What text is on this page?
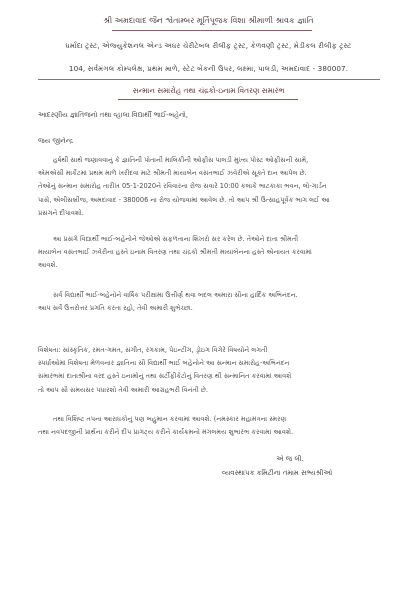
શ્રી અમદાવાદ જૈન શ્વેતામ્બર મૂર્તિપૂજક વિશા શ્રીમાળી શ્રાવક જ્ઞાતિ
ધર્માદા ટ્રસ્ટ, એજ્યુકેશનલ એન્ડ અધર ચેરીટેબલ રીલીફ ટ્રસ્ટ, કેળવણી ટ્રસ્ટ, મેડીકલ રીલીફ ટ્રસ્ટ
104, સર્વમંગલ કોમ્પલેક્ષ, પ્રથમ માળે, સ્ટેટ બેંકની ઉપર, લક્ષ્મા, પાલડી, અમદાવાદ - 380007.
સન્માન સમારોહ તથા ચંદ્રકો-ઇનામ વિતરણ સમારંભ
આદરણીય જ્ઞાતિજનો તથા વ્હાલા વિદ્યાર્થી ભાઈ-બહેનો,
જય જીનેન્દ્ર
હર્ષથી સાથે જણાવવાનું કે જ્ઞાતિની પોતાની માલિકીની ઓફીસ પાલડી મુખ્ય પોસ્ટ ઓફીસની સામે,
એમએસી માર્કેટમાં પ્રથમ માળે ખરીદવા માટે શ્રીમતી માયાબેન વસંતભાઈ ઝવેરીએ સૂક્તે દાન આપેલ છે.
તેઓનું સન્માન સમારોહ તારીખ 05-1-2020ને રવિવારના રોજ સવારે 10:00 કલાકે ભાટકાકા ભવન, લો-ગાર્ડન
પાસે, એલીસબ્રીજ, અમદાવાદ - 380006 ના રોજ યોજવામાં આવેલ છે. તો આપ શ્રી ઉત્સાહપૂર્વક ભાગ લઈ આ
પ્રસંગને દીપાવશો.
આ પ્રસંગે વિદ્યાર્થી ભાઈ-બહેનોને જેઓએ સફળતાના શિખરો સર કરેલ છે. તેઓને દાતા શ્રીમતી
માયાબેન વસંતભાઈ ઝવેરીના હસ્તે ઇનામ વિતરણ તથા ચંદ્રકો શ્રીમતી માયાબેનના હસ્તે એનાયત કરવામાં
આવશે.
સર્વ વિદ્યાર્થી ભાઈ-બહેનોને વાર્ષિક પરીક્ષામાં ઉત્તીર્ણ થવા બદલ અમારા સૌના હાર્દિક અભિનંદન.
આપ સર્વે ઉત્તરોત્તર પ્રગતિ કરતા રહો, તેવી અમારી શુભેચ્છા.
વિશેષતા: સાંસ્કૃતિક, રમત-ગમત, સંગીત, રંગકામ, પેઇન્ટીંગ, ડ્રોઇંગ વિગેરે વિષયોને લગતી
સ્પર્ધાઓમાં વિશેષતા મેળવનાર જ્ઞાતિના સૌ વિદ્યાર્થી ભાઈ બહેનોને આ સન્માન સમારોહ-અભિનંદન
સમારંભમાં દાતાશ્રીના વરદ હસ્તે ઇનામોનું તથા સર્ટીફીકેટોનું વિતરણ થી સન્માનિત કરવામાં આવશે
તો આપ સૌ સમયસર પધારશો તેવી અમારી આગ્રહભરી વિનંતી છે.
તથા વિશિષ્ટ તપના આરાધકોનું પણ બહુમાન કરવામાં આવશે. (નમસ્કાર મહામંત્રના સ્મરણ
તથા નવપદજીની પ્રાર્થના કરીને દીપ પ્રાગટ્ય કરીને કાર્યક્રમનો મંગલમય શુભારંભ કરવામાં આવશે.
એ જ લી.
વ્યવસ્થાપક કમિટીના તમામ સભ્યશ્રીઓ
